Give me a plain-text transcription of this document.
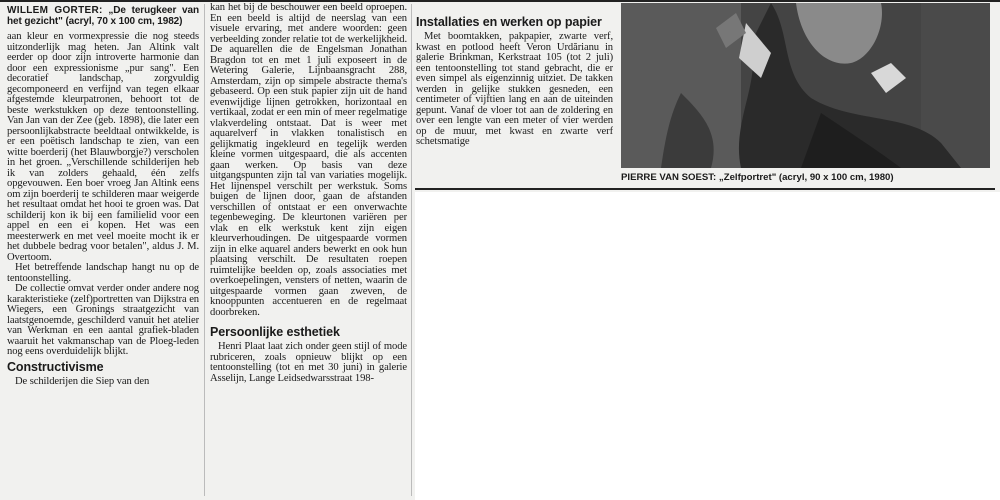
WILLEM GORTER: „De terugkeer van het gezicht" (acryl, 70 x 100 cm, 1982)

aan kleur en vormexpressie die nog steeds uitzonderlijk mag heten. Jan Altink valt eerder op door zijn introverte harmonie dan door een expressionisme „pur sang". Een decoratief landschap, zorgvuldig gecomponeerd en verfijnd van tegen elkaar afgestemde kleurpatronen, behoort tot de beste werkstukken op deze tentoonstelling. Van Jan van der Zee (geb. 1898), die later een persoonlijkabstracte beeldtaal ontwikkelde, is er een poëtisch landschap te zien, van een witte boerderij (het Blauwborgje?) verscholen in het groen. „Verschillende schilderijen heb ik van zolders gehaald, één zelfs opgevouwen. Een boer vroeg Jan Altink eens om zijn boerderij te schilderen maar weigerde het resultaat omdat het hooi te groen was. Dat schilderij kon ik bij een familielid voor een appel en een ei kopen. Het was een meesterwerk en met veel moeite mocht ik er het dubbele bedrag voor betalen", aldus J. M. Overtoom.

Het betreffende landschap hangt nu op de tentoonstelling.

De collectie omvat verder onder andere nog karakteristieke (zelf)portretten van Dijkstra en Wiegers, een Gronings straatgezicht van laatstgenoemde, geschilderd vanuit het atelier van Werkman en een aantal grafiek-bladen waaruit het vakmanschap van de Ploeg-leden nog eens overduidelijk blijkt.

Constructivisme

De schilderijen die Siep van den

kan het bij de beschouwer een beeld oproepen. En een beeld is altijd de neerslag van een visuele ervaring, met andere woorden: geen verbeelding zonder relatie tot de werkelijkheid. De aquarellen die de Engelsman Jonathan Bragdon tot en met 1 juli exposeert in de Wetering Galerie, Lijnbaansgracht 288, Amsterdam, zijn op simpele abstracte thema's gebaseerd. Op een stuk papier zijn uit de hand evenwijdige lijnen getrokken, horizontaal en vertikaal, zodat er een min of meer regelmatige vlakverdeling ontstaat. Dat is weer met aquarelverf in vlakken tonalistisch en gelijkmatig ingekleurd en tegelijk werden kleine vormen uitgespaard, die als accenten gaan werken. Op basis van deze uitgangspunten zijn tal van variaties mogelijk. Het lijnenspel verschilt per werkstuk. Soms buigen de lijnen door, gaan de afstanden verschillen of ontstaat er een onverwachte tegenbeweging. De kleurtonen variëren per vlak en elk werkstuk kent zijn eigen kleurverhoudingen. De uitgespaarde vormen zijn in elke aquarel anders bewerkt en ook hun plaatsing verschilt. De resultaten roepen ruimtelijke beelden op, zoals associaties met overkoepelingen, vensters of netten, waarin de uitgespaarde vormen gaan zweven, de knooppunten accentueren en de regelmaat doorbreken.

Persoonlijke esthetiek

Henri Plaat laat zich onder geen stijl of mode rubriceren, zoals opnieuw blijkt op een tentoonstelling (tot en met 30 juni) in galerie Asselijn, Lange Leidsedwarsstraat 198-

Installaties en werken op papier

Met boomtakken, pakpapier, zwarte verf, kwast en potlood heeft Veron Urdărianu in galerie Brinkman, Kerkstraat 105 (tot 2 juli) een tentoonstelling tot stand gebracht, die er even simpel als eigenzinnig uitziet. De takken werden in gelijke stukken gesneden, een centimeter of vijftien lang en aan de uiteinden gepunt. Vanaf de vloer tot aan de zoldering en over een lengte van een meter of vier werden op de muur, met kwast en zwarte verf schetsmatige

PIERRE VAN SOEST: „Zelfportret" (acryl, 90 x 100 cm, 1980)
